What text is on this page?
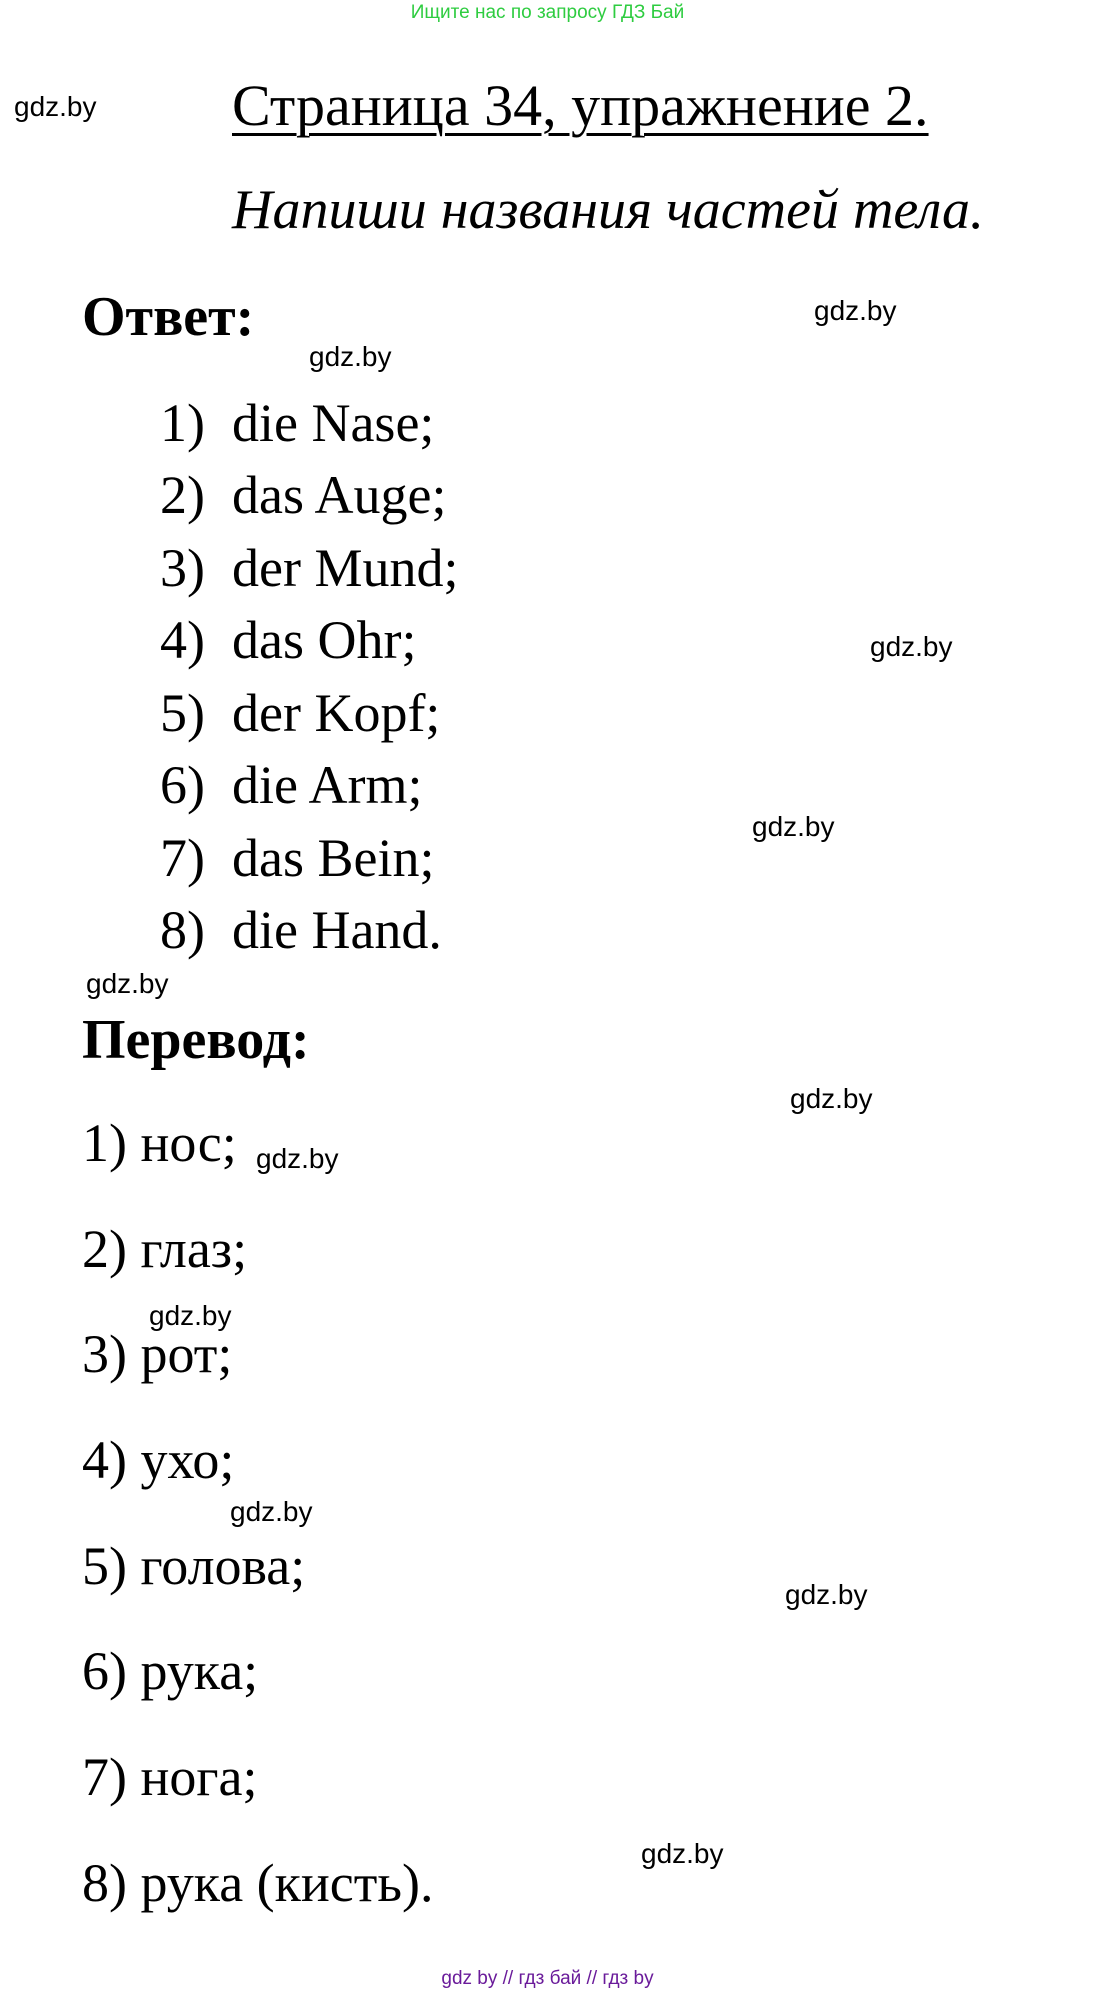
Ищите нас по запросу ГДЗ Бай
Страница 34, упражнение 2.
Напиши названия частей тела.
Ответ:
1) die Nase;
2) das Auge;
3) der Mund;
4) das Ohr;
5) der Kopf;
6) die Arm;
7) das Bein;
8) die Hand.
Перевод:
1) нос;
2) глаз;
3) рот;
4) ухо;
5) голова;
6) рука;
7) нога;
8) рука (кисть).
gdz.by
gdz.by
gdz.by
gdz.by
gdz.by
gdz.by
gdz.by
gdz.by
gdz.by
gdz.by
gdz.by
gdz.by
gdz by // гдз бай // гдз by
